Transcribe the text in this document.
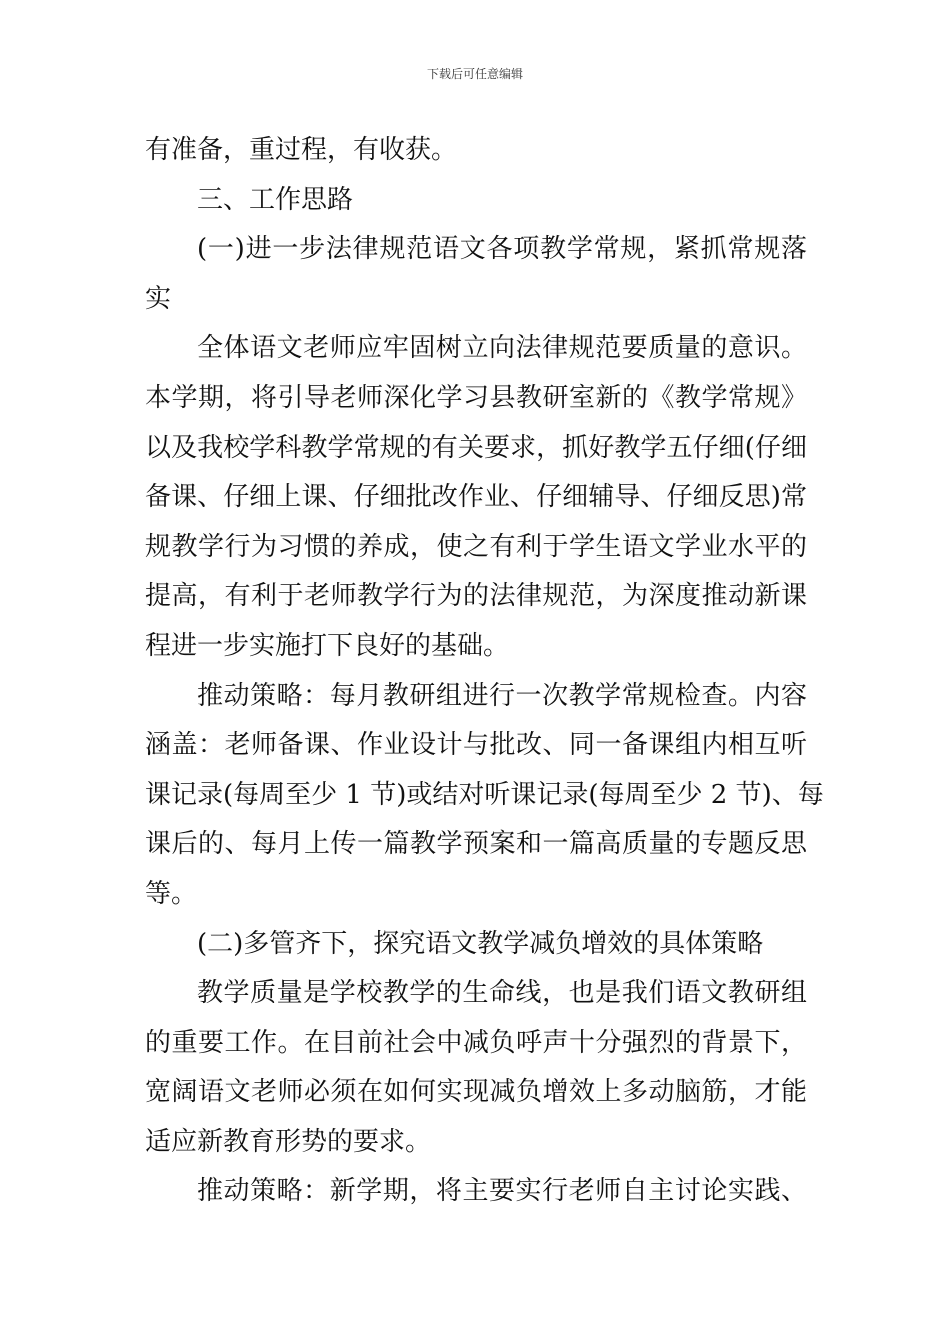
下载后可任意编辑
有准备，重过程，有收获。
三、工作思路
(一)进一步法律规范语文各项教学常规，紧抓常规落
实
全体语文老师应牢固树立向法律规范要质量的意识。
本学期，将引导老师深化学习县教研室新的《教学常规》
以及我校学科教学常规的有关要求，抓好教学五仔细(仔细
备课、仔细上课、仔细批改作业、仔细辅导、仔细反思)常
规教学行为习惯的养成，使之有利于学生语文学业水平的
提高，有利于老师教学行为的法律规范，为深度推动新课
程进一步实施打下良好的基础。
推动策略：每月教研组进行一次教学常规检查。内容
涵盖：老师备课、作业设计与批改、同一备课组内相互听
课记录(每周至少 1 节)或结对听课记录(每周至少 2 节)、每
课后的、每月上传一篇教学预案和一篇高质量的专题反思
等。
(二)多管齐下，探究语文教学减负增效的具体策略
教学质量是学校教学的生命线，也是我们语文教研组
的重要工作。在目前社会中减负呼声十分强烈的背景下，
宽阔语文老师必须在如何实现减负增效上多动脑筋，才能
适应新教育形势的要求。
推动策略：新学期，将主要实行老师自主讨论实践、
